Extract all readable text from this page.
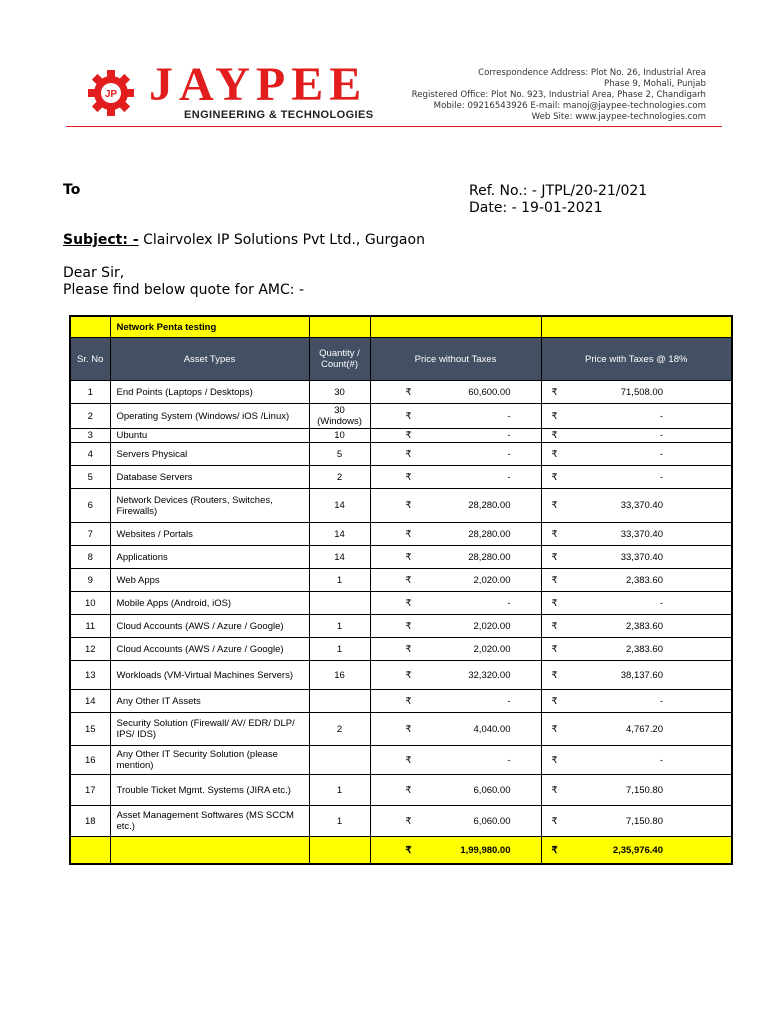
JP JAYPEE
ENGINEERING & TECHNOLOGIES
Correspondence Address: Plot No. 26, Industrial Area
Phase 9, Mohali, Punjab
Registered Office: Plot No. 923, Industrial Area, Phase 2, Chandigarh
Mobile: 09216543926 E-mail: manoj@jaypee-technologies.com
Web Site: www.jaypee-technologies.com
To	Ref. No.: - JTPL/20-21/021
Date: - 19-01-2021
Subject: - Clairvolex IP Solutions Pvt Ltd., Gurgaon
Dear Sir,
Please find below quote for AMC: -
	Network Penta testing			
Sr. No	Asset Types	Quantity / Count(#)	Price without Taxes	Price with Taxes @ 18%
1	End Points (Laptops / Desktops)	30	₹ 60,600.00	₹ 71,508.00

2	Operating System (Windows/ iOS /Linux)	30 (Windows)	₹ -	₹ -

3	Ubuntu	10	₹ -	₹ -

4	Servers Physical	5	₹ -	₹ -

5	Database Servers	2	₹ -	₹ -

6	Network Devices (Routers, Switches, Firewalls)	14	₹ 28,280.00	₹ 33,370.40

7	Websites / Portals	14	₹ 28,280.00	₹ 33,370.40

8	Applications	14	₹ 28,280.00	₹ 33,370.40

9	Web Apps	1	₹ 2,020.00	₹ 2,383.60

10	Mobile Apps (Android, iOS)		₹ -	₹ -

11	Cloud Accounts (AWS / Azure / Google)	1	₹ 2,020.00	₹ 2,383.60

12	Cloud Accounts (AWS / Azure / Google)	1	₹ 2,020.00	₹ 2,383.60

13	Workloads (VM-Virtual Machines Servers)	16	₹ 32,320.00	₹ 38,137.60

14	Any Other IT Assets		₹ -	₹ -

15	Security Solution (Firewall/ AV/ EDR/ DLP/ IPS/ IDS)	2	₹ 4,040.00	₹ 4,767.20

16	Any Other IT Security Solution (please mention)		₹ -	₹ -

17	Trouble Ticket Mgmt. Systems (JIRA etc.)	1	₹ 6,060.00	₹ 7,150.80

18	Asset Management Softwares (MS SCCM etc.)	1	₹ 6,060.00	₹ 7,150.80

			₹ 1,99,980.00	₹ 2,35,976.40
